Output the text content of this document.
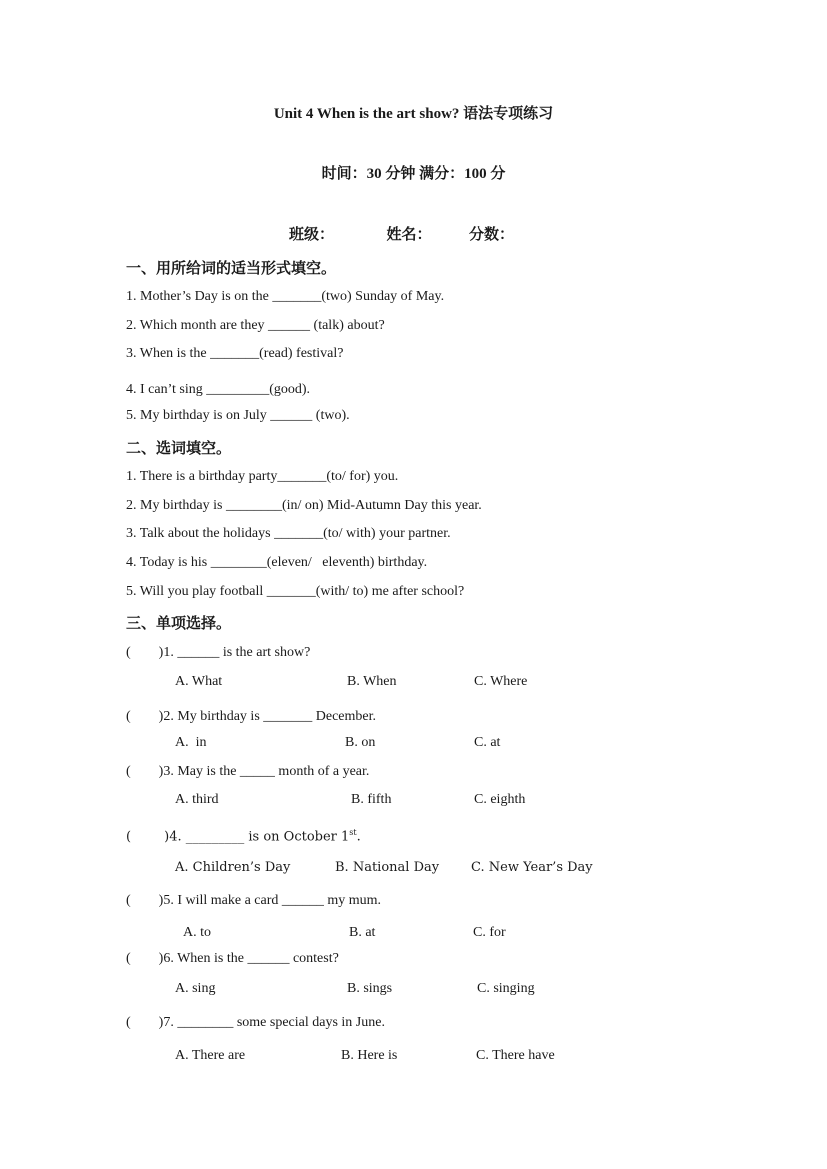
Unit 4 When is the art show? 语法专项练习
时间：30 分钟 满分：100 分
班级：              姓名：          分数：
一、用所给词的适当形式填空。
1. Mother’s Day is on the _______(two) Sunday of May.
2. Which month are they ______ (talk) about?
3. When is the _______(read) festival?
4. I can’t sing _________(good).
5. My birthday is on July ______ (two).
二、选词填空。
1. There is a birthday party_______(to/ for) you.
2. My birthday is ________(in/ on) Mid-Autumn Day this year.
3. Talk about the holidays _______(to/ with) your partner.
4. Today is his ________(eleven/   eleventh) birthday.
5. Will you play football _______(with/ to) me after school?
三、单项选择。
(        )1. ______ is the art show?
A. What	B. When	C. Where
(        )2. My birthday is _______ December.
A.  in	B. on	C. at
(        )3. May is the _____ month of a year.
A. third	B. fifth	C. eighth
(        )4. _________ is on October 1st.
A. Children’s Day	B. National Day C. New Year’s Day
(        )5. I will make a card ______ my mum.
A. to	B. at	C. for
(        )6. When is the ______ contest?
A. sing	B. sings	C. singing
(        )7. ________ some special days in June.
A. There are	B. Here is	C. There have
